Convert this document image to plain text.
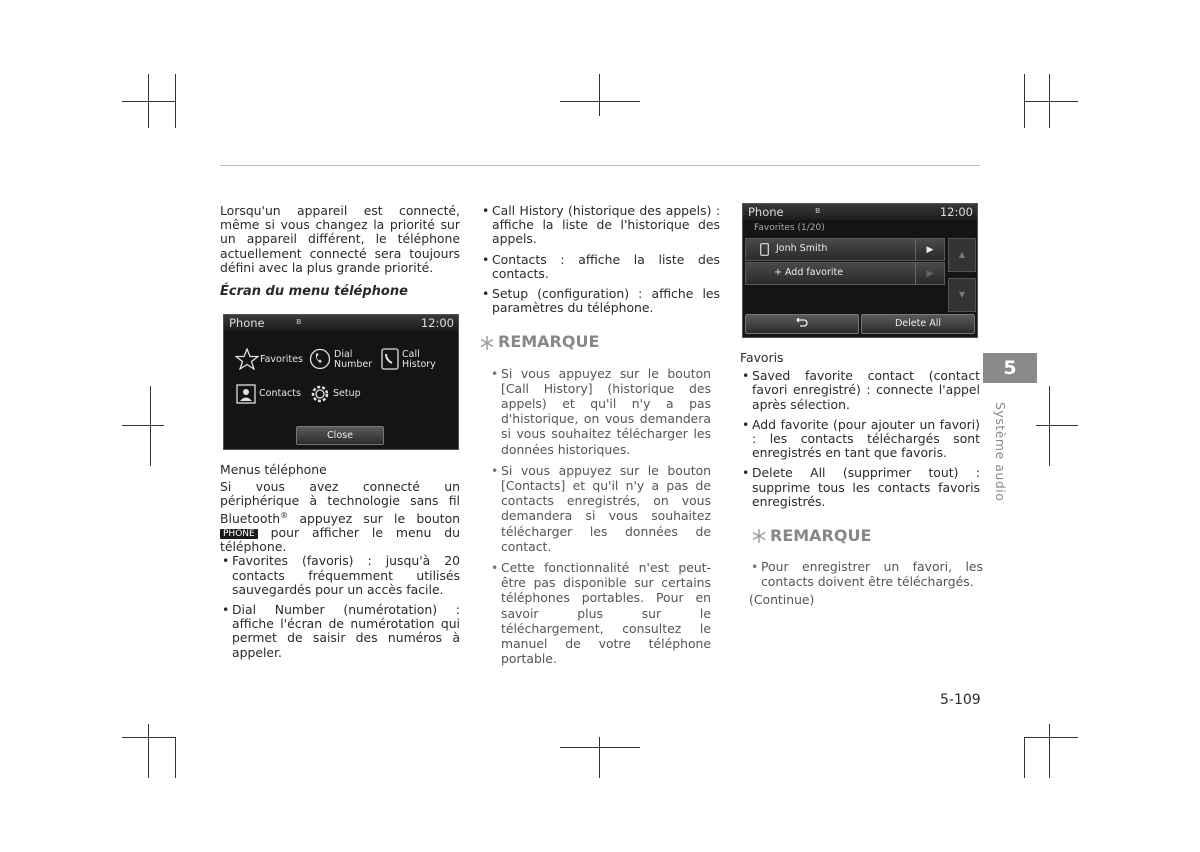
Lorsqu'un appareil est connecté, même si vous changez la priorité sur un appareil différent, le téléphone actuellement connecté sera toujours défini avec la plus grande priorité.

Écran du menu téléphone

Phone	ʙ	12:00
Favorites	Dial
Number
Call
History
Contacts	Setup
Close

Menus téléphone

Si vous avez connecté un périphérique à technologie sans fil Bluetooth® appuyez sur le bouton PHONE pour afficher le menu du téléphone.

• Favorites (favoris) : jusqu'à 20 contacts fréquemment utilisés sauvegardés pour un accès facile.

• Dial Number (numérotation) : affiche l'écran de numérotation qui permet de saisir des numéros à appeler.

• Call History (historique des appels) : affiche la liste de l'historique des appels.

• Contacts : affiche la liste des contacts.

• Setup (configuration) : affiche les paramètres du téléphone.

REMARQUE

• Si vous appuyez sur le bouton [Call History] (historique des appels) et qu'il n'y a pas d'historique, on vous demandera si vous souhaitez télécharger les données historiques.

• Si vous appuyez sur le bouton [Contacts] et qu'il n'y a pas de contacts enregistrés, on vous demandera si vous souhaitez télécharger les données de contact.

• Cette fonctionnalité n'est peut-être pas disponible sur certains téléphones portables. Pour en savoir plus sur le téléchargement, consultez le manuel de votre téléphone portable.

Phone	ʙ	12:00
Favorites (1/20)
Jonh Smith	▶
+ Add favorite	▶
▲
▼
Delete All

Favoris

• Saved favorite contact (contact favori enregistré) : connecte l'appel après sélection.

• Add favorite (pour ajouter un favori) : les contacts téléchargés sont enregistrés en tant que favoris.

• Delete All (supprimer tout) : supprime tous les contacts favoris enregistrés.

REMARQUE

• Pour enregistrer un favori, les contacts doivent être téléchargés.

(Continue)

5
Système audio
5-109
